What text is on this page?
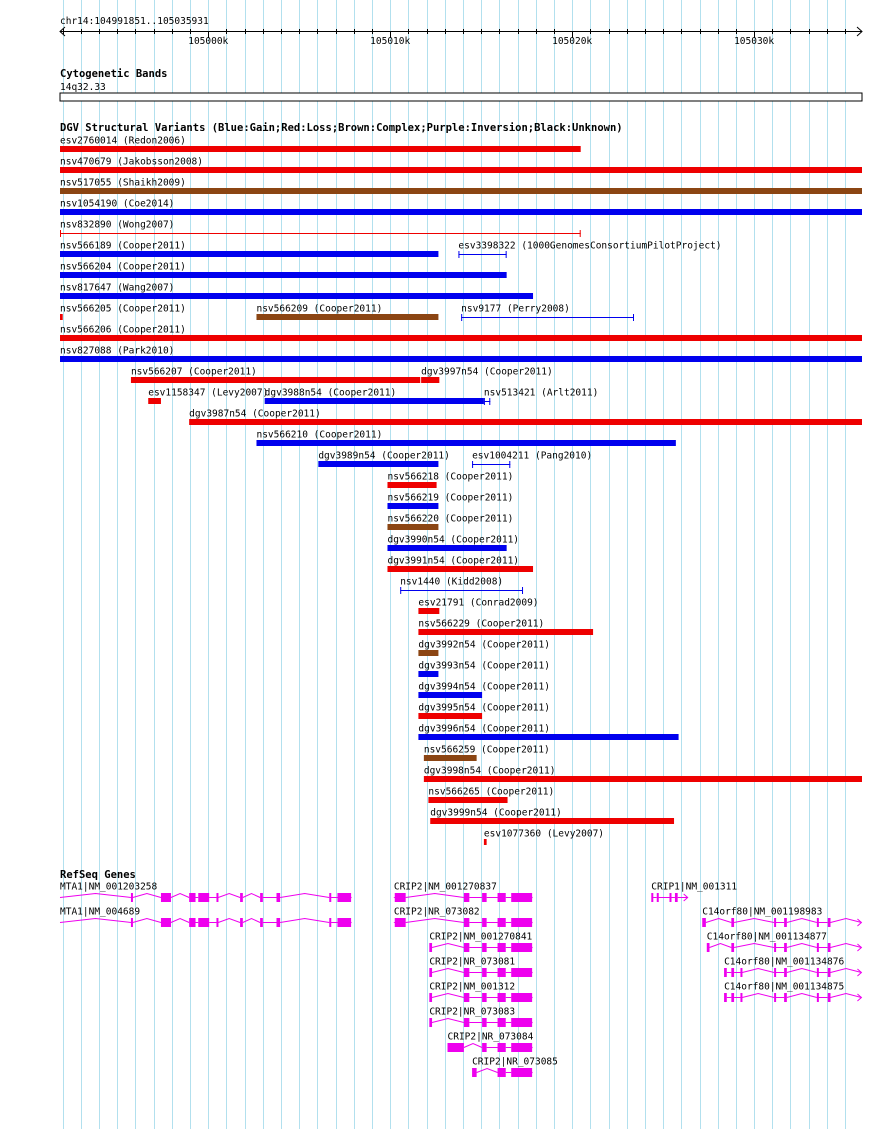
chr14:104991851..105035931
105000k	105010k	105020k	105030k
Cytogenetic Bands
14q32.33
DGV Structural Variants (Blue:Gain;Red:Loss;Brown:Complex;Purple:Inversion;Black:Unknown)
esv2760014 (Redon2006)
nsv470679 (Jakobsson2008)
nsv517055 (Shaikh2009)
nsv1054190 (Coe2014)
nsv832890 (Wong2007)
nsv566189 (Cooper2011)	esv3398322 (1000GenomesConsortiumPilotProject)
nsv566204 (Cooper2011)
nsv817647 (Wang2007)
nsv566205 (Cooper2011)	nsv566209 (Cooper2011)	nsv9177 (Perry2008)
nsv566206 (Cooper2011)
nsv827088 (Park2010)
nsv566207 (Cooper2011)	dgv3997n54 (Cooper2011)
esv1158347 (Levy2007)
dgv3988n54 (Cooper2011)	nsv513421 (Arlt2011)
dgv3987n54 (Cooper2011)
nsv566210 (Cooper2011)
dgv3989n54 (Cooper2011) esv1004211 (Pang2010)
nsv566218 (Cooper2011)
nsv566219 (Cooper2011)
nsv566220 (Cooper2011)
dgv3990n54 (Cooper2011)
dgv3991n54 (Cooper2011)
nsv1440 (Kidd2008)
esv21791 (Conrad2009)
nsv566229 (Cooper2011)
dgv3992n54 (Cooper2011)
dgv3993n54 (Cooper2011)
dgv3994n54 (Cooper2011)
dgv3995n54 (Cooper2011)
dgv3996n54 (Cooper2011)
nsv566259 (Cooper2011)
dgv3998n54 (Cooper2011)
nsv566265 (Cooper2011)
dgv3999n54 (Cooper2011)
esv1077360 (Levy2007)
RefSeq Genes
MTA1|NM_001203258	CRIP2|NM_001270837	CRIP1|NM_001311
MTA1|NM_004689	CRIP2|NR_073082	C14orf80|NM_001198983
CRIP2|NM_001270841	C14orf80|NM_001134877
CRIP2|NR_073081	C14orf80|NM_001134876
CRIP2|NM_001312	C14orf80|NM_001134875
CRIP2|NR_073083
CRIP2|NR_073084
CRIP2|NR_073085
